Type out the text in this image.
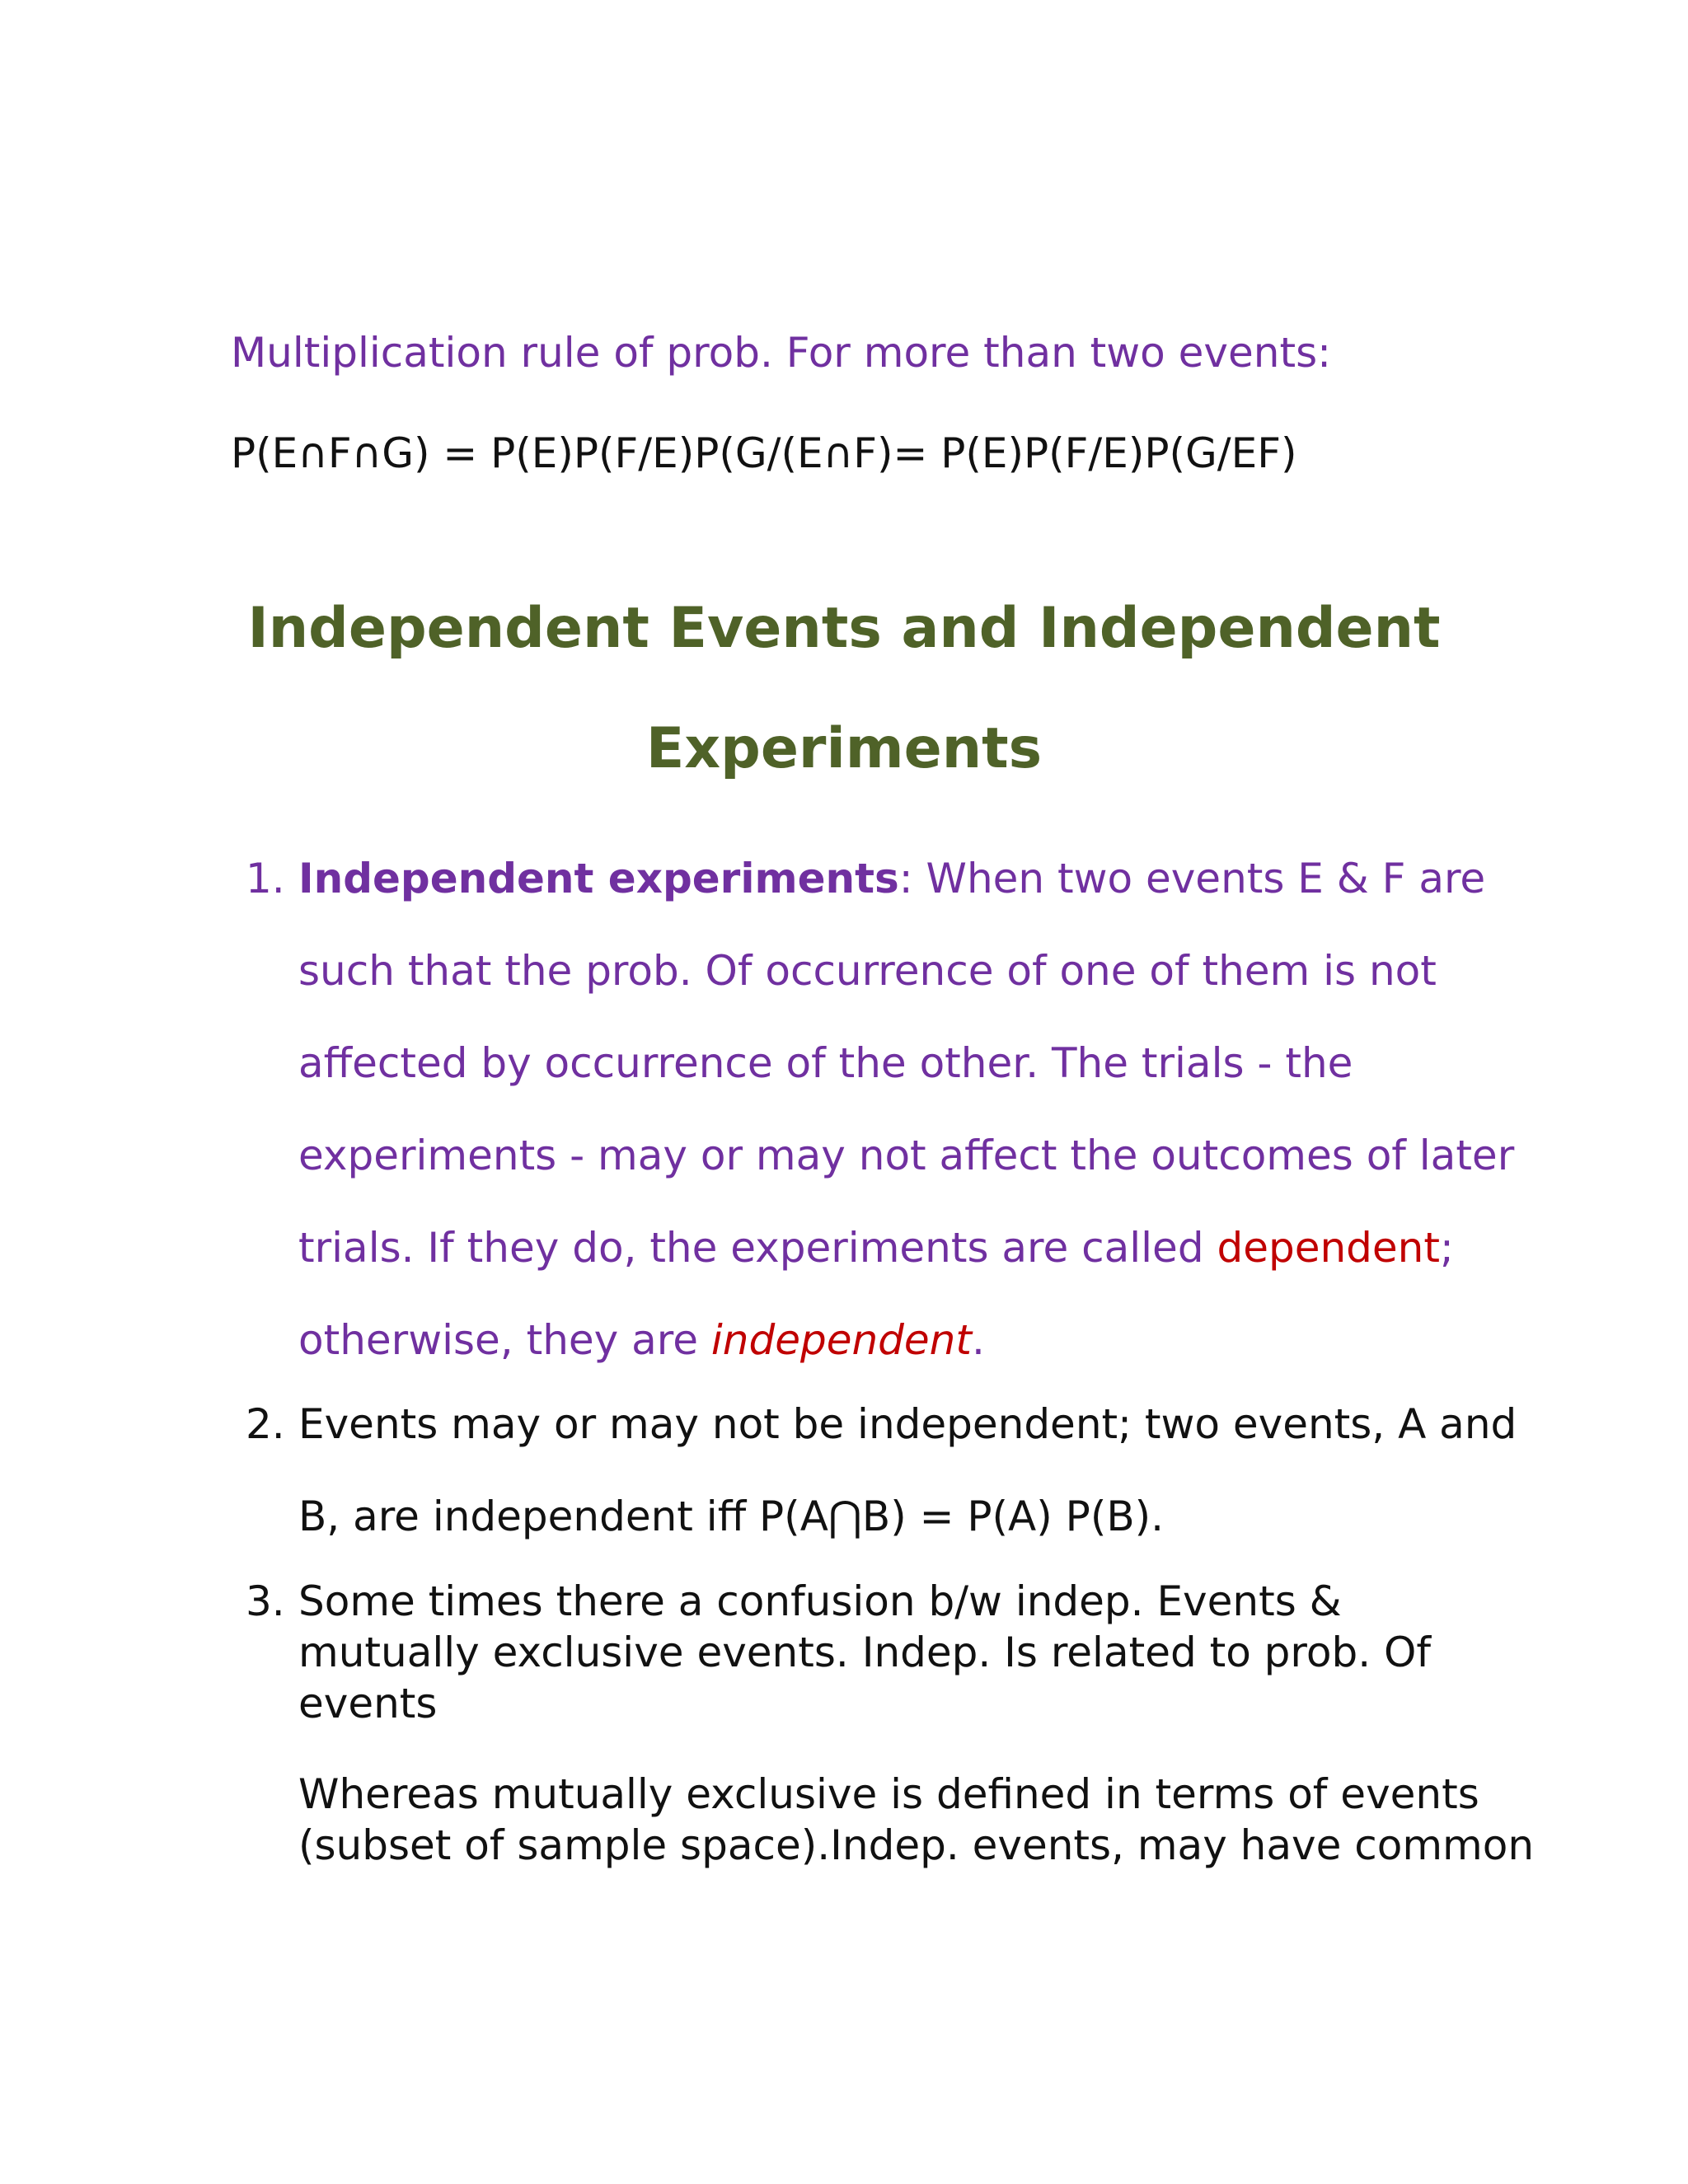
Multiplication rule of prob. For more than two events:
P(E∩F∩G) = P(E)P(F/E)P(G/(E∩F)= P(E)P(F/E)P(G/EF)
Independent Events and Independent
Experiments
1. Independent experiments: When two events E & F are
such that the prob. Of occurrence of one of them is not
affected by occurrence of the other. The trials - the
experiments - may or may not affect the outcomes of later
trials. If they do, the experiments are called dependent;
otherwise, they are independent.
2. Events may or may not be independent; two events, A and
B, are independent iff P(A⋂B) = P(A) P(B).
3. Some times there a confusion b/w indep. Events &
mutually exclusive events. Indep. Is related to prob. Of
events
Whereas mutually exclusive is defined in terms of events
(subset of sample space).Indep. events, may have common
